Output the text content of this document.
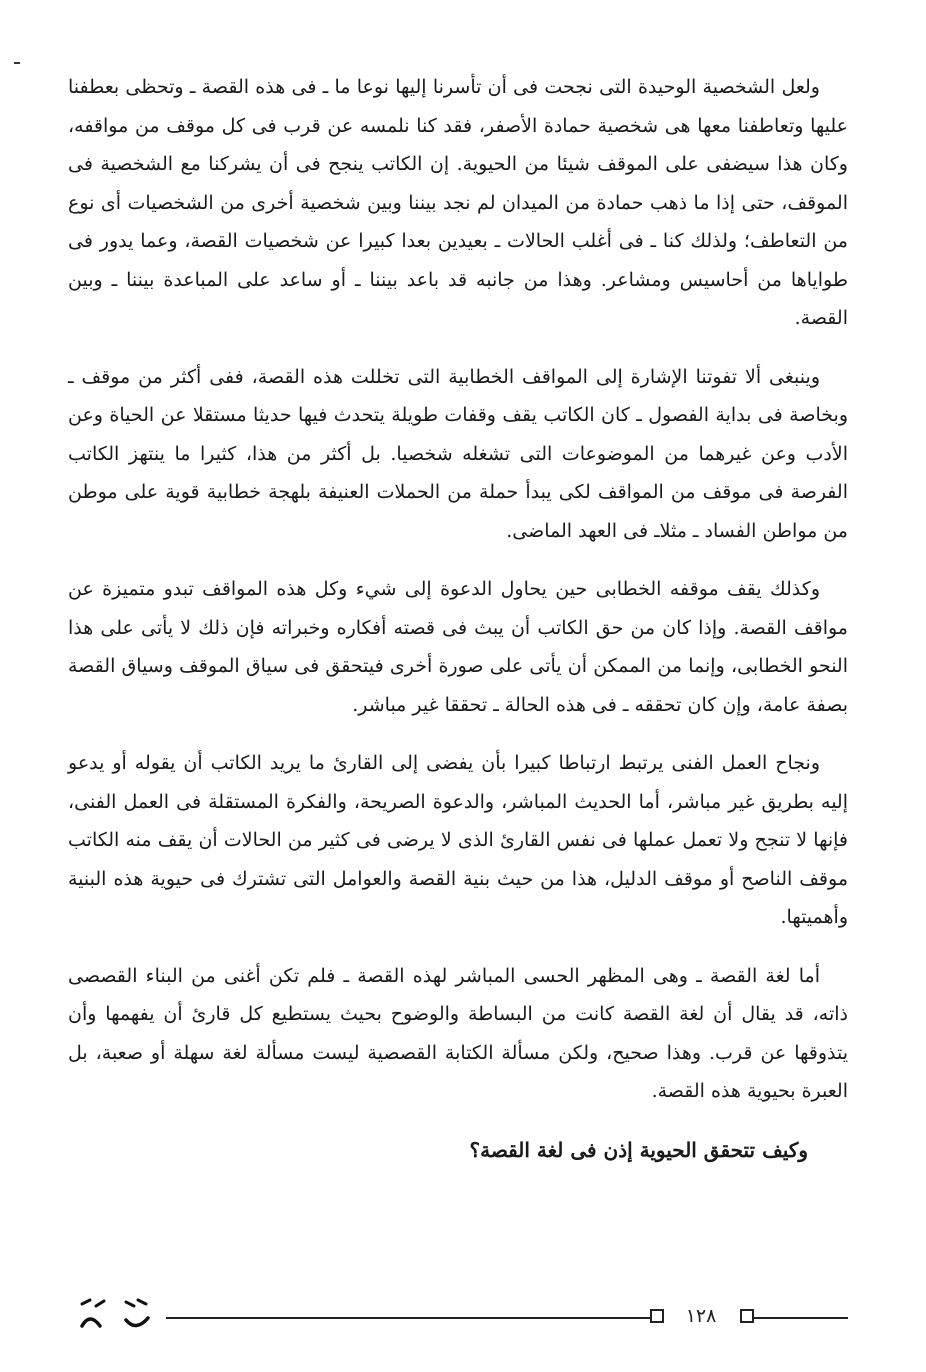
ولعل الشخصية الوحيدة التى نجحت فى أن تأسرنا إليها نوعا ما ـ فى هذه القصة ـ وتحظى بعطفنا عليها وتعاطفنا معها هى شخصية حمادة الأصفر، فقد كنا نلمسه عن قرب فى كل موقف من مواقفه، وكان هذا سيضفى على الموقف شيئا من الحيوية. إن الكاتب ينجح فى أن يشركنا مع الشخصية فى الموقف، حتى إذا ما ذهب حمادة من الميدان لم نجد بيننا وبين شخصية أخرى من الشخصيات أى نوع من التعاطف؛ ولذلك كنا ـ فى أغلب الحالات ـ بعيدين بعدا كبيرا عن شخصيات القصة، وعما يدور فى طواياها من أحاسيس ومشاعر. وهذا من جانبه قد باعد بيننا ـ أو ساعد على المباعدة بيننا ـ وبين القصة.

وينبغى ألا تفوتنا الإشارة إلى المواقف الخطابية التى تخللت هذه القصة، ففى أكثر من موقف ـ وبخاصة فى بداية الفصول ـ كان الكاتب يقف وقفات طويلة يتحدث فيها حديثا مستقلا عن الحياة وعن الأدب وعن غيرهما من الموضوعات التى تشغله شخصيا. بل أكثر من هذا، كثيرا ما ينتهز الكاتب الفرصة فى موقف من المواقف لكى يبدأ حملة من الحملات العنيفة بلهجة خطابية قوية على موطن من مواطن الفساد ـ مثلاـ فى العهد الماضى.

وكذلك يقف موقفه الخطابى حين يحاول الدعوة إلى شيء وكل هذه المواقف تبدو متميزة عن مواقف القصة. وإذا كان من حق الكاتب أن يبث فى قصته أفكاره وخبراته فإن ذلك لا يأتى على هذا النحو الخطابى، وإنما من الممكن أن يأتى على صورة أخرى فيتحقق فى سياق الموقف وسياق القصة بصفة عامة، وإن كان تحققه ـ فى هذه الحالة ـ تحققا غير مباشر.

ونجاح العمل الفنى يرتبط ارتباطا كبيرا بأن يفضى إلى القارئ ما يريد الكاتب أن يقوله أو يدعو إليه بطريق غير مباشر، أما الحديث المباشر، والدعوة الصريحة، والفكرة المستقلة فى العمل الفنى، فإنها لا تنجح ولا تعمل عملها فى نفس القارئ الذى لا يرضى فى كثير من الحالات أن يقف منه الكاتب موقف الناصح أو موقف الدليل، هذا من حيث بنية القصة والعوامل التى تشترك فى حيوية هذه البنية وأهميتها.

أما لغة القصة ـ وهى المظهر الحسى المباشر لهذه القصة ـ فلم تكن أغنى من البناء القصصى ذاته، قد يقال أن لغة القصة كانت من البساطة والوضوح بحيث يستطيع كل قارئ أن يفهمها وأن يتذوقها عن قرب. وهذا صحيح، ولكن مسألة الكتابة القصصية ليست مسألة لغة سهلة أو صعبة، بل العبرة بحيوية هذه القصة.

وكيف تتحقق الحيوية إذن فى لغة القصة؟
١٢٨
